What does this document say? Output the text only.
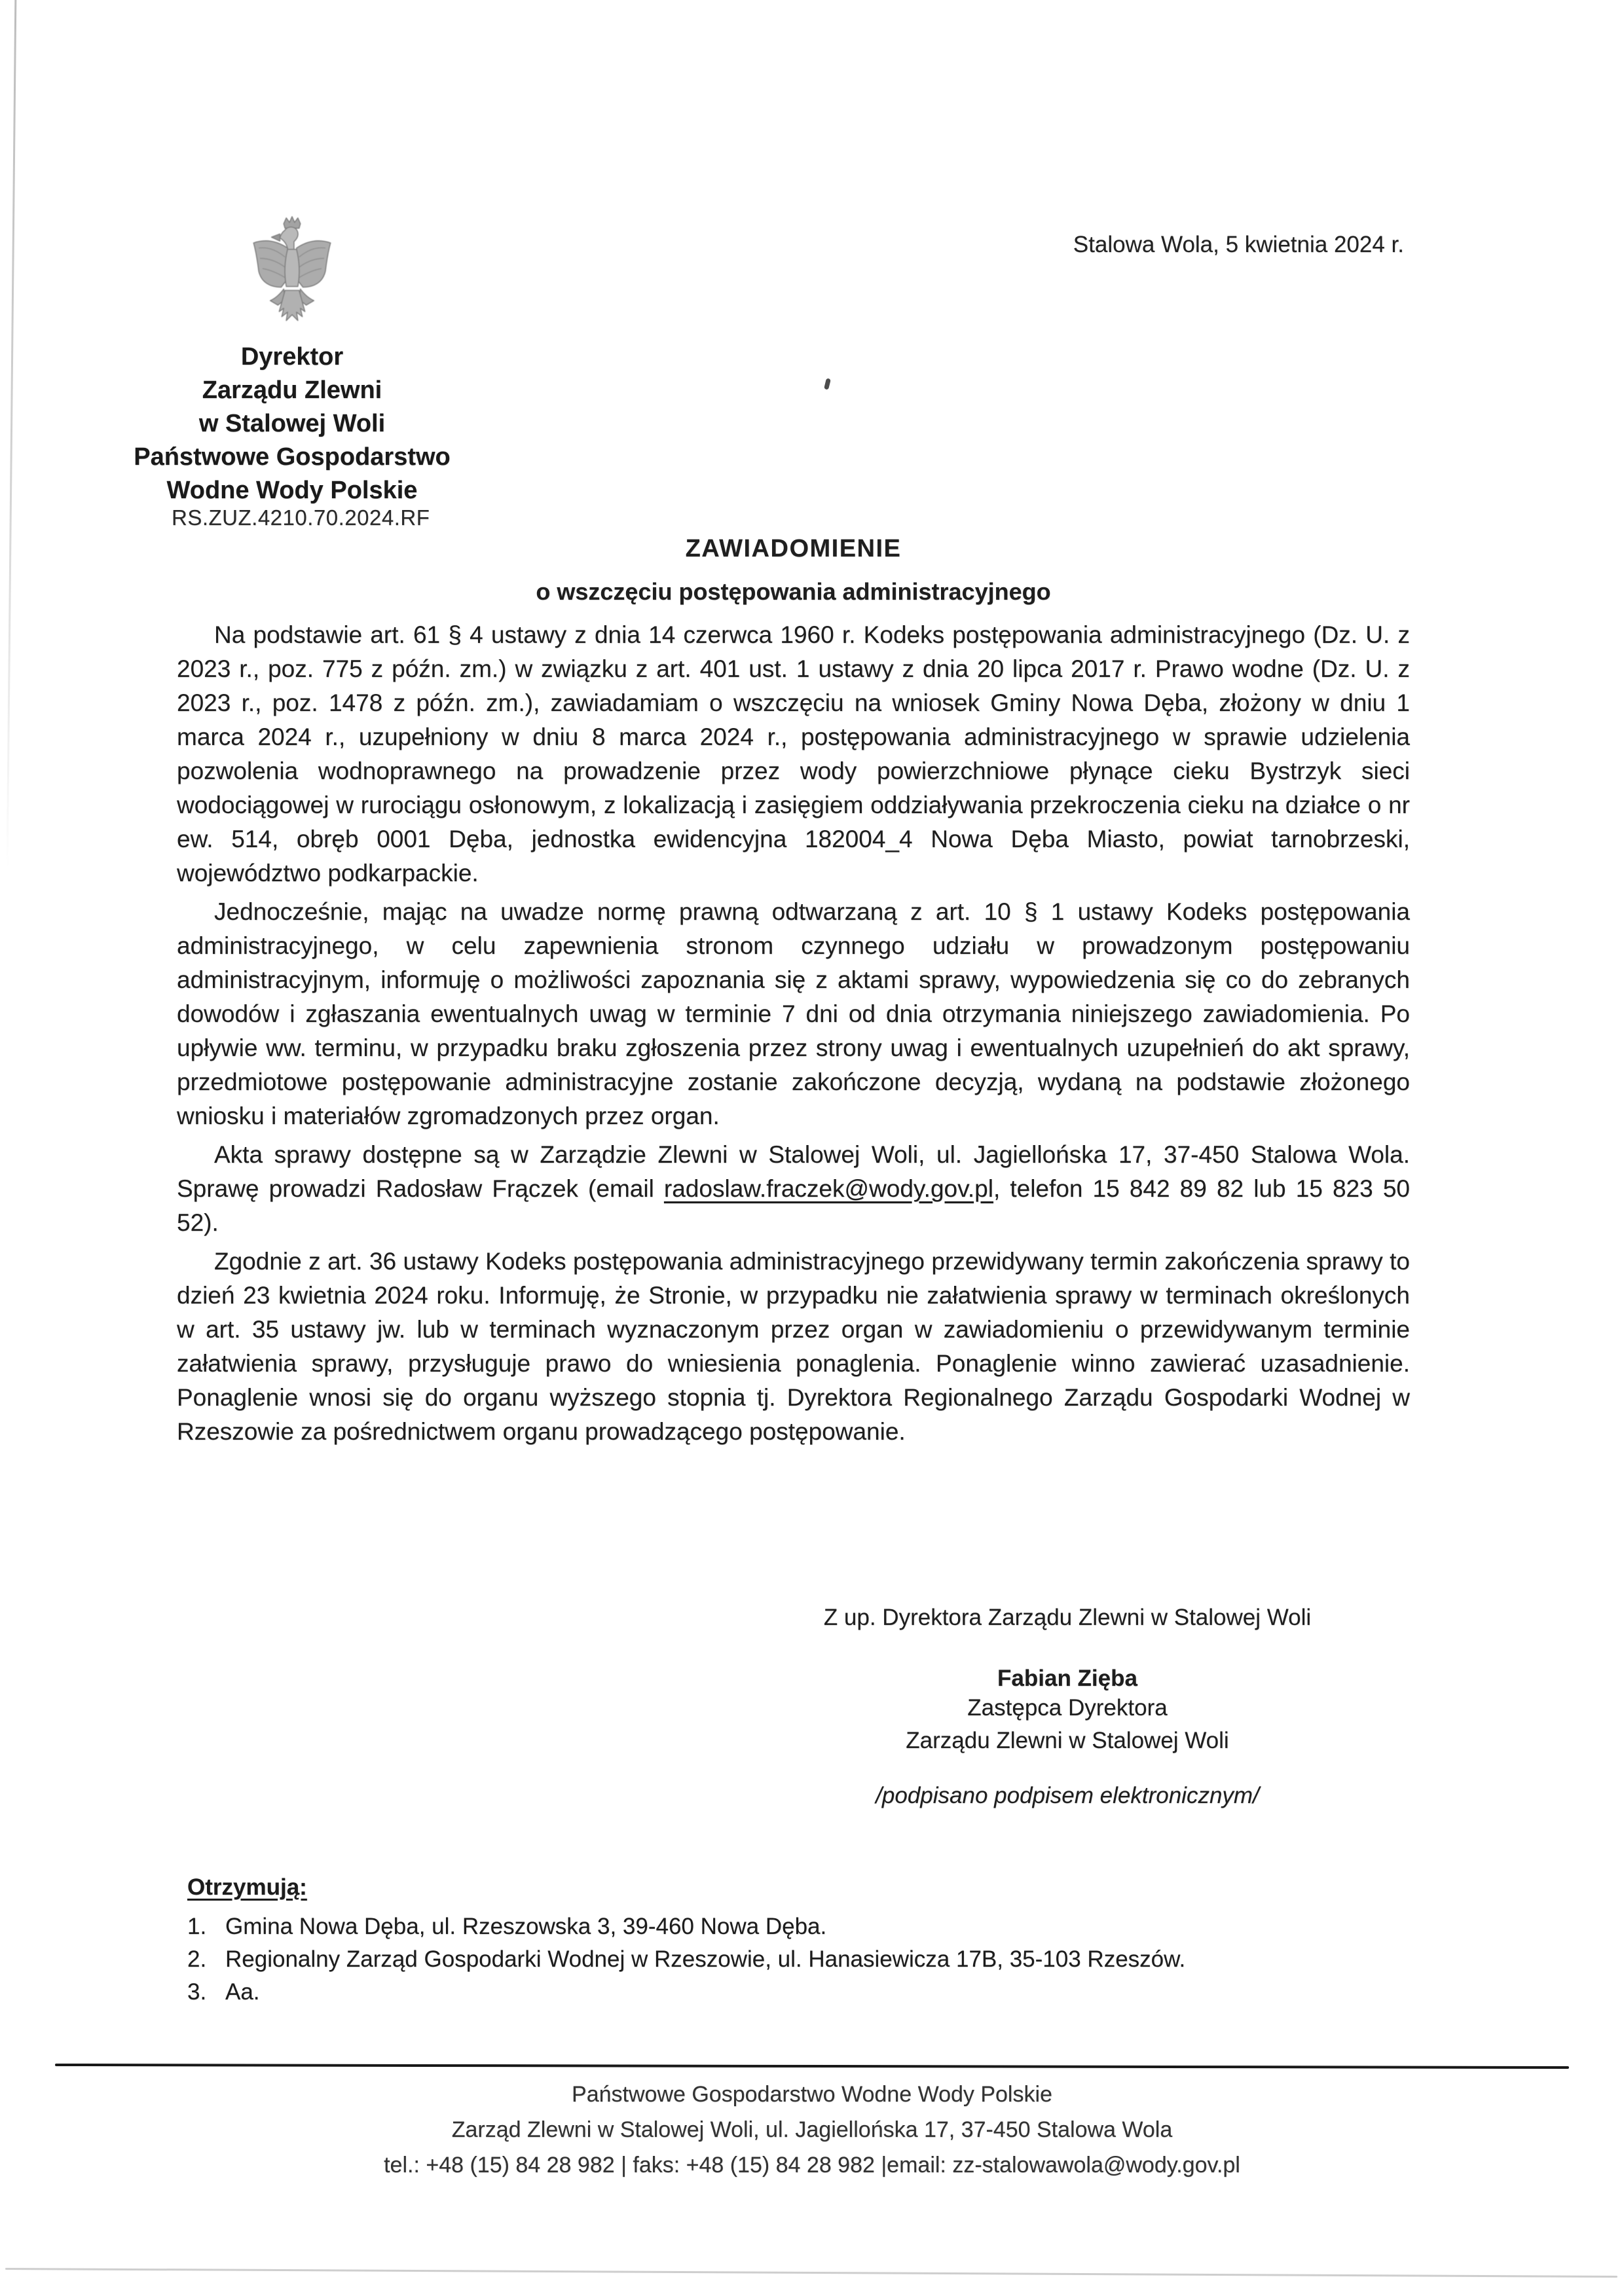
Stalowa Wola, 5 kwietnia 2024 r.
Dyrektor
Zarządu Zlewni
w Stalowej Woli
Państwowe Gospodarstwo
Wodne Wody Polskie
RS.ZUZ.4210.70.2024.RF
ZAWIADOMIENIE
o wszczęciu postępowania administracyjnego

Na podstawie art. 61 § 4 ustawy z dnia 14 czerwca 1960 r. Kodeks postępowania administracyjnego (Dz. U. z 2023 r., poz. 775 z późn. zm.) w związku z art. 401 ust. 1 ustawy z dnia 20 lipca 2017 r. Prawo wodne (Dz. U. z 2023 r., poz. 1478 z późn. zm.), zawiadamiam o wszczęciu na wniosek Gminy Nowa Dęba, złożony w dniu 1 marca 2024 r., uzupełniony w dniu 8 marca 2024 r., postępowania administracyjnego w sprawie udzielenia pozwolenia wodnoprawnego na prowadzenie przez wody powierzchniowe płynące cieku Bystrzyk sieci wodociągowej w rurociągu osłonowym, z lokalizacją i zasięgiem oddziaływania przekroczenia cieku na działce o nr ew. 514, obręb 0001 Dęba, jednostka ewidencyjna 182004_4 Nowa Dęba Miasto, powiat tarnobrzeski, województwo podkarpackie.

Jednocześnie, mając na uwadze normę prawną odtwarzaną z art. 10 § 1 ustawy Kodeks postępowania administracyjnego, w celu zapewnienia stronom czynnego udziału w prowadzonym postępowaniu administracyjnym, informuję o możliwości zapoznania się z aktami sprawy, wypowiedzenia się co do zebranych dowodów i zgłaszania ewentualnych uwag w terminie 7 dni od dnia otrzymania niniejszego zawiadomienia. Po upływie ww. terminu, w przypadku braku zgłoszenia przez strony uwag i ewentualnych uzupełnień do akt sprawy, przedmiotowe postępowanie administracyjne zostanie zakończone decyzją, wydaną na podstawie złożonego wniosku i materiałów zgromadzonych przez organ.

Akta sprawy dostępne są w Zarządzie Zlewni w Stalowej Woli, ul. Jagiellońska 17, 37-450 Stalowa Wola. Sprawę prowadzi Radosław Frączek (email radoslaw.fraczek@wody.gov.pl, telefon 15 842 89 82 lub 15 823 50 52).

Zgodnie z art. 36 ustawy Kodeks postępowania administracyjnego przewidywany termin zakończenia sprawy to dzień 23 kwietnia 2024 roku. Informuję, że Stronie, w przypadku nie załatwienia sprawy w terminach określonych w art. 35 ustawy jw. lub w terminach wyznaczonym przez organ w zawiadomieniu o przewidywanym terminie załatwienia sprawy, przysługuje prawo do wniesienia ponaglenia. Ponaglenie winno zawierać uzasadnienie. Ponaglenie wnosi się do organu wyższego stopnia tj. Dyrektora Regionalnego Zarządu Gospodarki Wodnej w Rzeszowie za pośrednictwem organu prowadzącego postępowanie.

Z up. Dyrektora Zarządu Zlewni w Stalowej Woli
Fabian Zięba
Zastępca Dyrektora
Zarządu Zlewni w Stalowej Woli
/podpisano podpisem elektronicznym/
Otrzymują:
1. Gmina Nowa Dęba, ul. Rzeszowska 3, 39-460 Nowa Dęba.
2. Regionalny Zarząd Gospodarki Wodnej w Rzeszowie, ul. Hanasiewicza 17B, 35-103 Rzeszów.
3. Aa.
Państwowe Gospodarstwo Wodne Wody Polskie
Zarząd Zlewni w Stalowej Woli, ul. Jagiellońska 17, 37-450 Stalowa Wola
tel.: +48 (15) 84 28 982 | faks: +48 (15) 84 28 982 |email: zz-stalowawola@wody.gov.pl
